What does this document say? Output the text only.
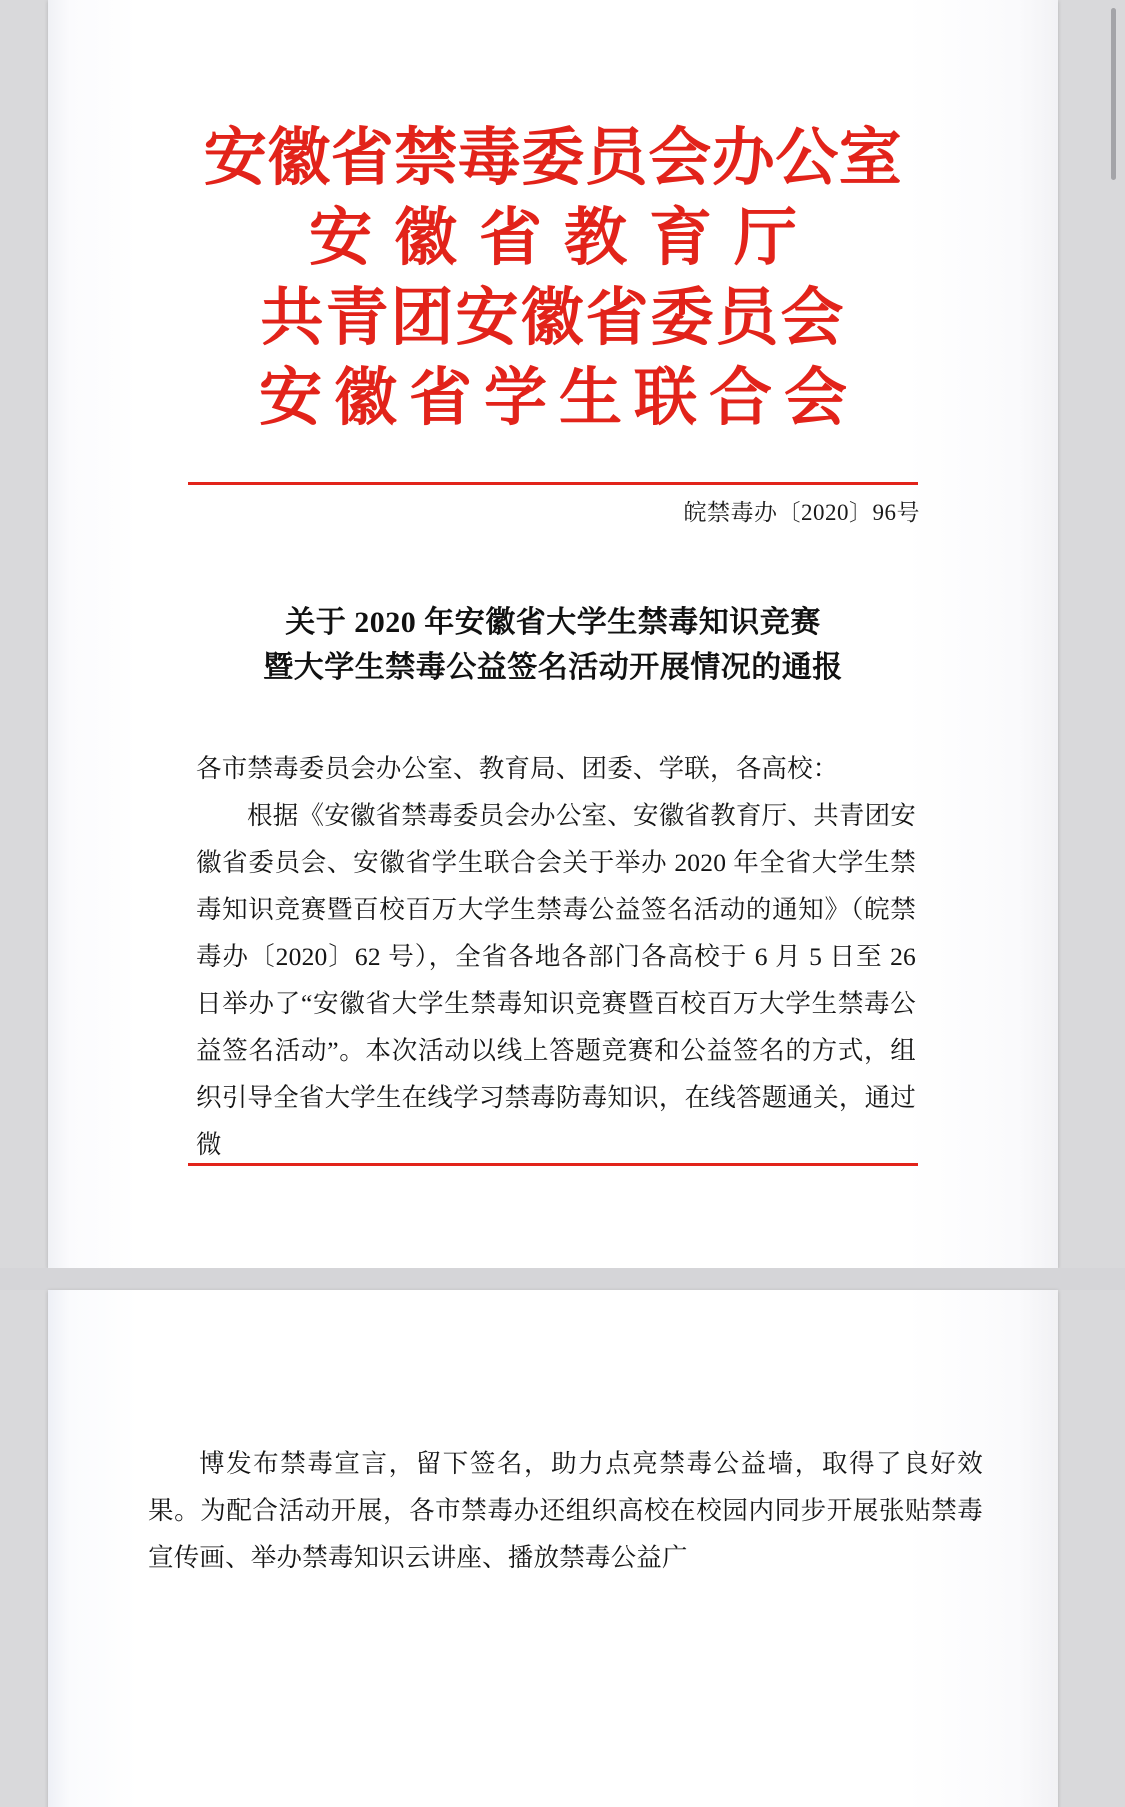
安徽省禁毒委员会办公室
安徽省教育厅
共青团安徽省委员会
安徽省学生联合会
皖禁毒办〔2020〕96号
关于 2020 年安徽省大学生禁毒知识竞赛
暨大学生禁毒公益签名活动开展情况的通报

各市禁毒委员会办公室、教育局、团委、学联，各高校：

根据《安徽省禁毒委员会办公室、安徽省教育厅、共青团安徽省委员会、安徽省学生联合会关于举办 2020 年全省大学生禁毒知识竞赛暨百校百万大学生禁毒公益签名活动的通知》（皖禁毒办〔2020〕62 号），全省各地各部门各高校于 6 月 5 日至 26 日举办了“安徽省大学生禁毒知识竞赛暨百校百万大学生禁毒公益签名活动”。本次活动以线上答题竞赛和公益签名的方式，组织引导全省大学生在线学习禁毒防毒知识，在线答题通关，通过微

博发布禁毒宣言，留下签名，助力点亮禁毒公益墙，取得了良好效果。为配合活动开展，各市禁毒办还组织高校在校园内同步开展张贴禁毒宣传画、举办禁毒知识云讲座、播放禁毒公益广
